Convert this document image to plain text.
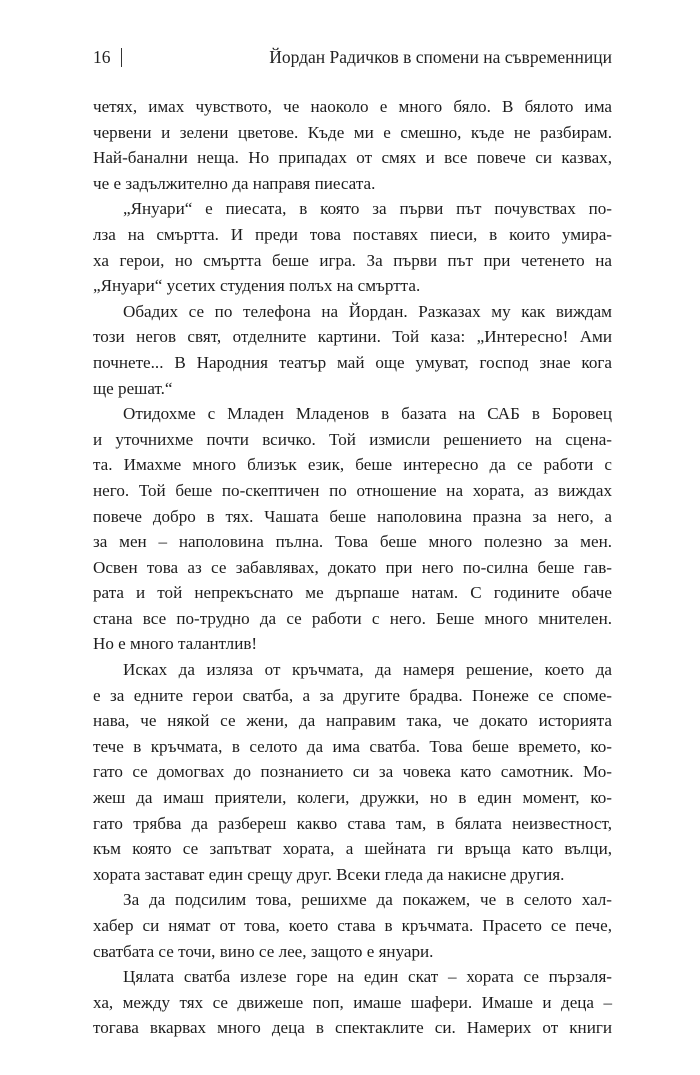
16	Йордан Радичков в спомени на съвременници
четях, имах чувството, че наоколо е много бяло. В бялото има
червени и зелени цветове. Къде ми е смешно, къде не разбирам.
Най-банални неща. Но припадах от смях и все повече си казвах,
че е задължително да направя пиесата.
„Януари“ е пиесата, в която за първи път почувствах по-
лза на смъртта. И преди това поставях пиеси, в които умира-
ха герои, но смъртта беше игра. За първи път при четенето на
„Януари“ усетих студения полъх на смъртта.
Обадих се по телефона на Йордан. Разказах му как виждам
този негов свят, отделните картини. Той каза: „Интересно! Ами
почнете... В Народния театър май още умуват, господ знае кога
ще решат.“
Отидохме с Младен Младенов в базата на САБ в Боровец
и уточнихме почти всичко. Той измисли решението на сцена-
та. Имахме много близък език, беше интересно да се работи с
него. Той беше по-скептичен по отношение на хората, аз виждах
повече добро в тях. Чашата беше наполовина празна за него, а
за мен – наполовина пълна. Това беше много полезно за мен.
Освен това аз се забавлявах, докато при него по-силна беше гав-
рата и той непрекъснато ме дърпаше натам. С годините обаче
стана все по-трудно да се работи с него. Беше много мнителен.
Но е много талантлив!
Исках да изляза от кръчмата, да намеря решение, което да
е за едните герои сватба, а за другите брадва. Понеже се спомe-
нава, че някой се жени, да направим така, че докато историята
тече в кръчмата, в селото да има сватба. Това беше времето, ко-
гато се домогвах до познанието си за човека като самотник. Мо-
жеш да имаш приятели, колеги, дружки, но в един момент, ко-
гато трябва да разбереш какво става там, в бялата неизвестност,
към която се запътват хората, а шейната ги връща като вълци,
хората застават един срещу друг. Всеки гледа да накисне другия.
За да подсилим това, решихме да покажем, че в селото хал-
хабер си нямат от това, което става в кръчмата. Прасето се пече,
сватбата се точи, вино се лее, защото е януари.
Цялата сватба излезе горе на един скат – хората се пързаля-
ха, между тях се движеше поп, имаше шафери. Имаше и деца –
тогава вкарвах много деца в спектаклите си. Намерих от книги
